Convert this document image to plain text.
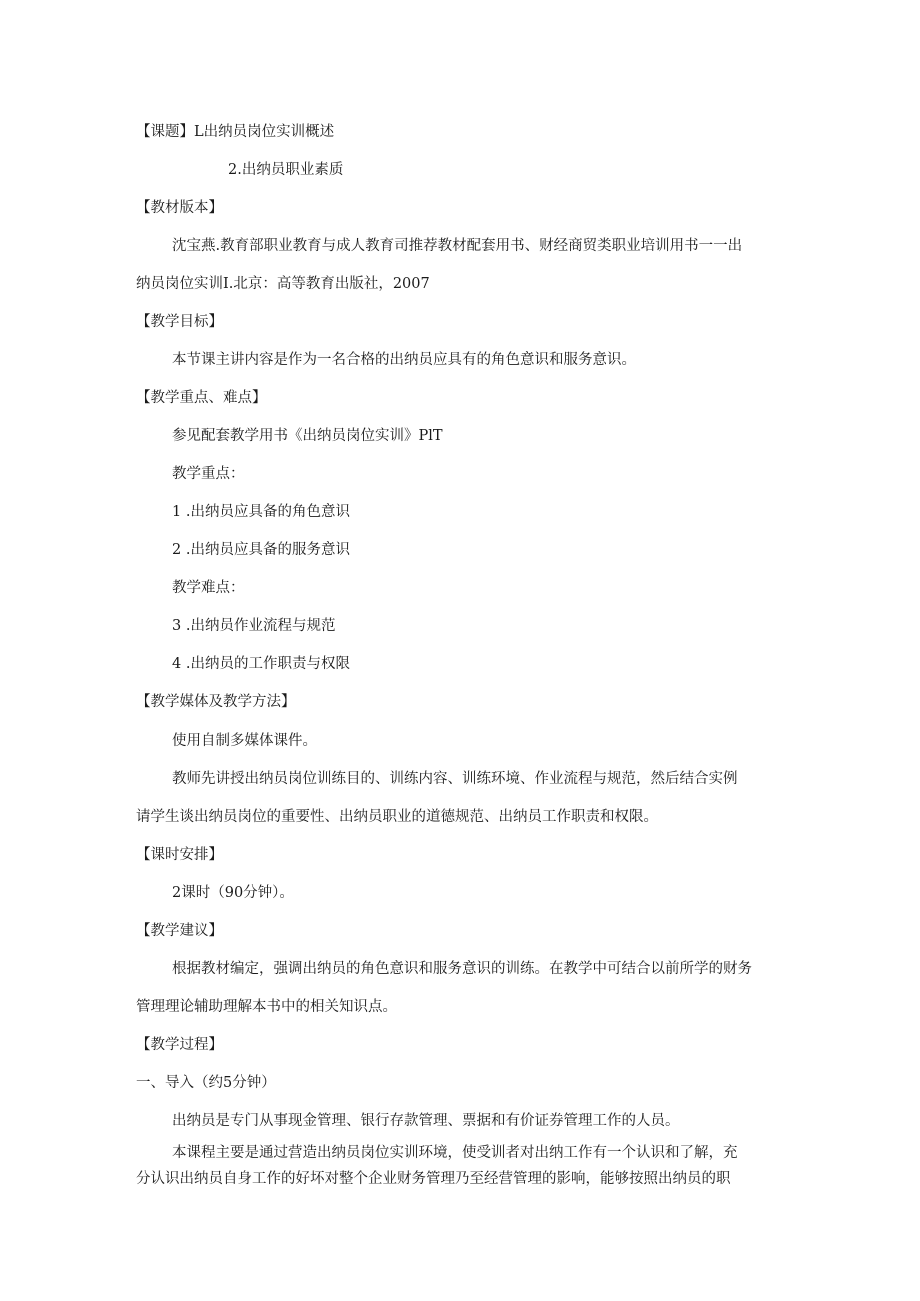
【课题】L出纳员岗位实训概述
2.出纳员职业素质
【教材版本】
沈宝燕.教育部职业教育与成人教育司推荐教材配套用书、财经商贸类职业培训用书一一出
纳员岗位实训I.北京：高等教育出版社，2007
【教学目标】
本节课主讲内容是作为一名合格的出纳员应具有的角色意识和服务意识。
【教学重点、难点】
参见配套教学用书《出纳员岗位实训》PlT
教学重点：
1 .出纳员应具备的角色意识
2 .出纳员应具备的服务意识
教学难点：
3 .出纳员作业流程与规范
4 .出纳员的工作职责与权限
【教学媒体及教学方法】
使用自制多媒体课件。
教师先讲授出纳员岗位训练目的、训练内容、训练环境、作业流程与规范，然后结合实例
请学生谈出纳员岗位的重要性、出纳员职业的道德规范、出纳员工作职责和权限。
【课时安排】
2课时（90分钟）。
【教学建议】
根据教材编定，强调出纳员的角色意识和服务意识的训练。在教学中可结合以前所学的财务
管理理论辅助理解本书中的相关知识点。
【教学过程】
一、导入（约5分钟）
出纳员是专门从事现金管理、银行存款管理、票据和有价证券管理工作的人员。
本课程主要是通过营造出纳员岗位实训环境，使受训者对出纳工作有一个认识和了解，充
分认识出纳员自身工作的好坏对整个企业财务管理乃至经营管理的影响，能够按照出纳员的职
